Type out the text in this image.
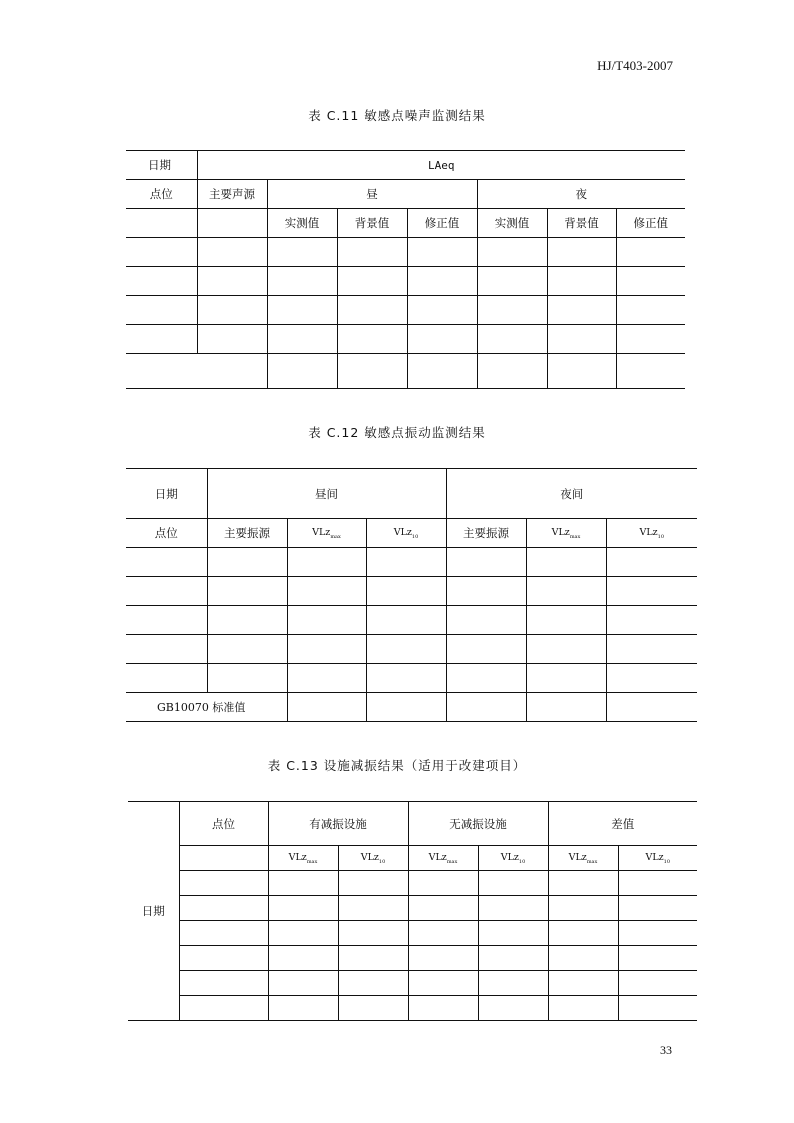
HJ/T403-2007
表 C.11 敏感点噪声监测结果
日期	LAeq						
点位	主要声源	昼			夜		
		实测值	背景值	修正值	实测值	背景值	修正值

表 C.12 敏感点振动监测结果
日期	昼间			夜间		
点位	主要振源	VLz$_{max}$	VLz$_{10}$	主要振源	VLz$_{max}$	VLz$_{10}$

GB10070 标准值						
表 C.13 设施减振结果（适用于改建项目）
日期	点位	有减振设施		无减振设施		差值	
		VLz$_{max}$	VLz$_{10}$	VLz$_{max}$	VLz$_{10}$	VLz$_{max}$	VLz$_{10}$

33
